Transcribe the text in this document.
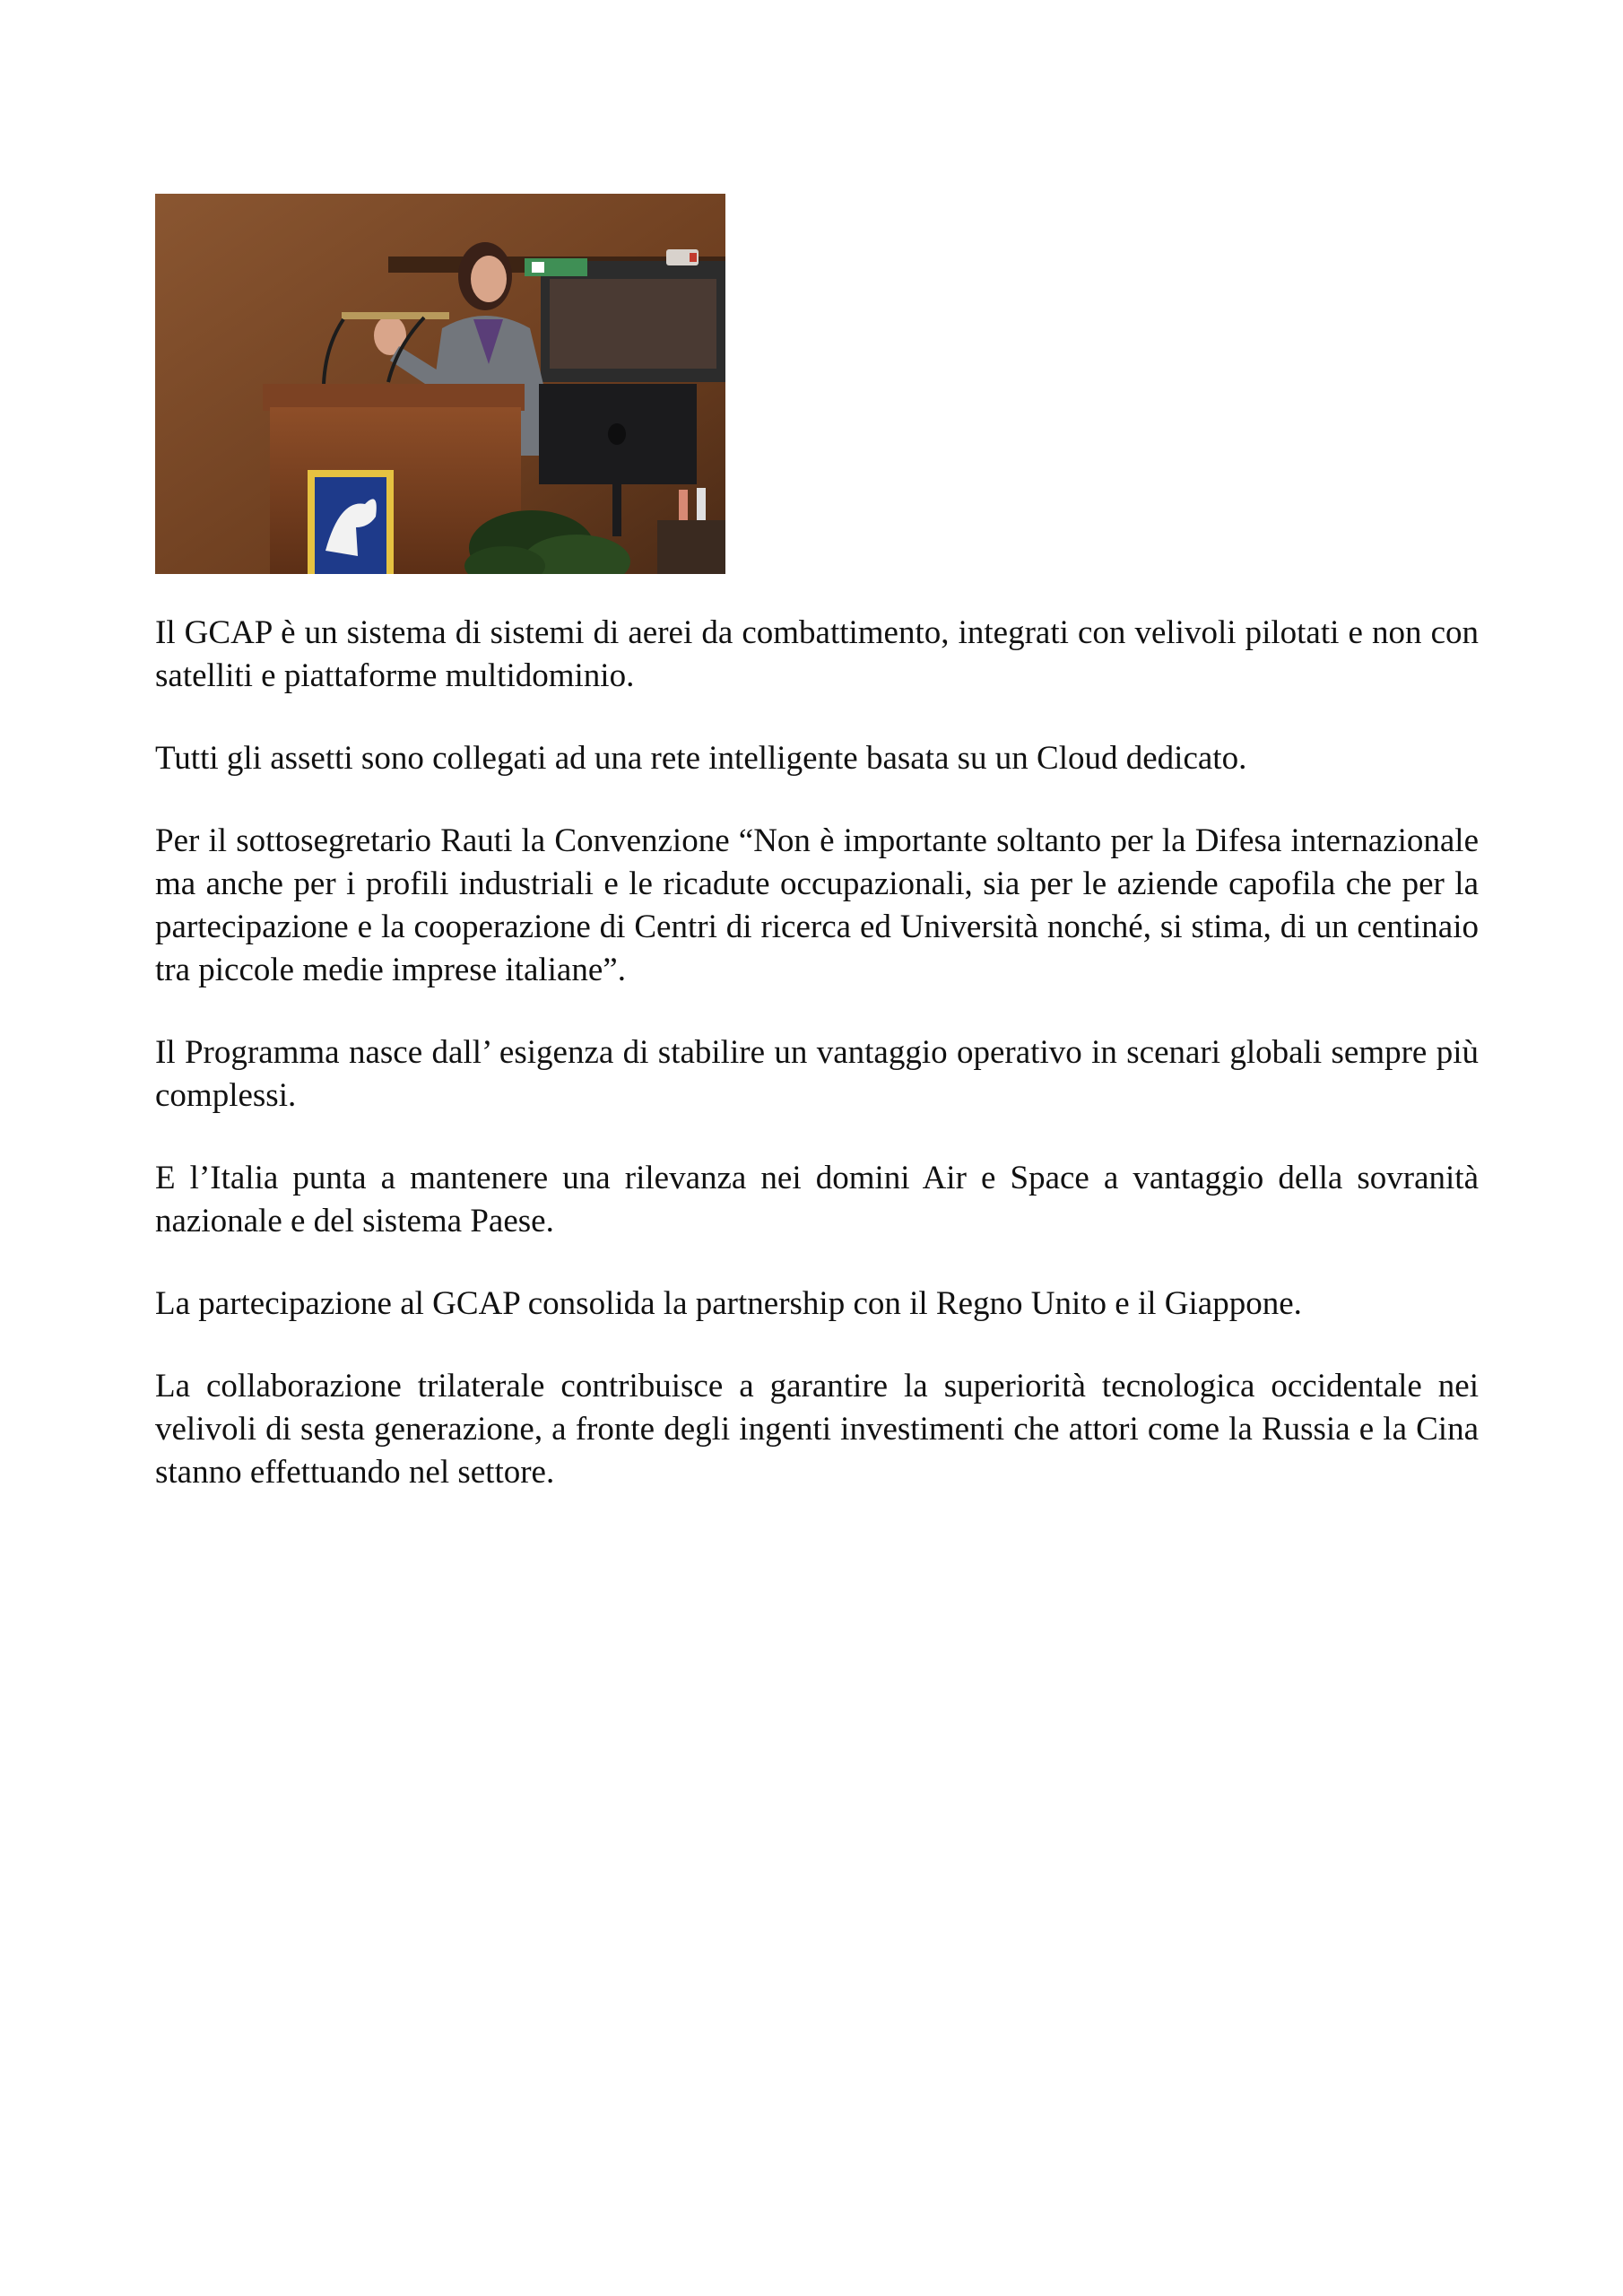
Il GCAP è un sistema di sistemi di aerei da combattimento, integrati con velivoli pilotati e non con satelliti e piattaforme multidominio.

Tutti gli assetti sono collegati ad una rete intelligente basata su un Cloud dedicato.

Per il sottosegretario Rauti la Convenzione “Non è importante soltanto per la Difesa internazionale ma anche per i profili industriali e le ricadute occupazionali, sia per le aziende capofila che per la partecipazione e la cooperazione di Centri di ricerca ed Università nonché, si stima, di un centinaio tra piccole medie imprese italiane”.

Il Programma nasce dall’ esigenza di stabilire un vantaggio operativo in scenari globali sempre più complessi.

E l’Italia punta a mantenere una rilevanza nei domini Air e Space a vantaggio della sovranità nazionale e del sistema Paese.

La partecipazione al GCAP consolida la partnership con il Regno Unito e il Giappone.

La collaborazione trilaterale contribuisce a garantire la superiorità tecnologica occidentale nei velivoli di sesta generazione, a fronte degli ingenti investimenti che attori come la Russia e la Cina stanno effettuando nel settore.
